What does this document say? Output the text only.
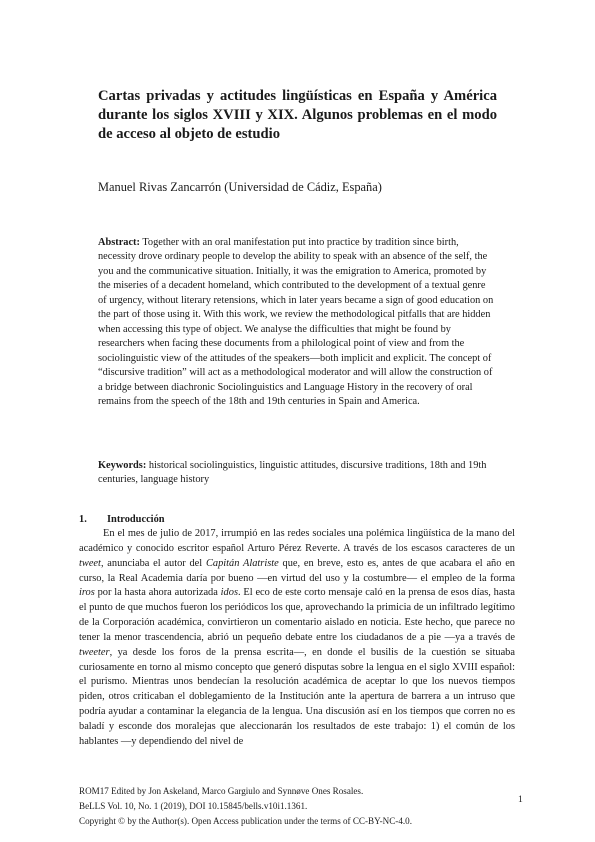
Cartas privadas y actitudes lingüísticas en España y América durante los siglos XVIII y XIX. Algunos problemas en el modo de acceso al objeto de estudio

Manuel Rivas Zancarrón (Universidad de Cádiz, España)

Abstract: Together with an oral manifestation put into practice by tradition since birth, necessity drove ordinary people to develop the ability to speak with an absence of the self, the you and the communicative situation. Initially, it was the emigration to America, promoted by the miseries of a decadent homeland, which contributed to the development of a textual genre of urgency, without literary retensions, which in later years became a sign of good education on the part of those using it. With this work, we review the methodological pitfalls that are hidden when accessing this type of object. We analyse the difficulties that might be found by researchers when facing these documents from a philological point of view and from the sociolinguistic view of the attitudes of the speakers—both implicit and explicit. The concept of “discursive tradition” will act as a methodological moderator and will allow the construction of a bridge between diachronic Sociolinguistics and Language History in the recovery of oral remains from the speech of the 18th and 19th centuries in Spain and America.

Keywords: historical sociolinguistics, linguistic attitudes, discursive traditions, 18th and 19th centuries, language history

1. Introducción

En el mes de julio de 2017, irrumpió en las redes sociales una polémica lingüística de la mano del académico y conocido escritor español Arturo Pérez Reverte. A través de los escasos caracteres de un tweet, anunciaba el autor del Capitán Alatriste que, en breve, esto es, antes de que acabara el año en curso, la Real Academia daría por bueno —en virtud del uso y la costumbre— el empleo de la forma iros por la hasta ahora autorizada idos. El eco de este corto mensaje caló en la prensa de esos días, hasta el punto de que muchos fueron los periódicos los que, aprovechando la primicia de un infiltrado legítimo de la Corporación académica, convirtieron un comentario aislado en noticia. Este hecho, que parece no tener la menor trascendencia, abrió un pequeño debate entre los ciudadanos de a pie —ya a través de tweeter, ya desde los foros de la prensa escrita—, en donde el busilis de la cuestión se situaba curiosamente en torno al mismo concepto que generó disputas sobre la lengua en el siglo XVIII español: el purismo. Mientras unos bendecían la resolución académica de aceptar lo que los nuevos tiempos piden, otros criticaban el doblegamiento de la Institución ante la apertura de barrera a un intruso que podría ayudar a contaminar la elegancia de la lengua. Una discusión así en los tiempos que corren no es baladí y esconde dos moralejas que aleccionarán los resultados de este trabajo: 1) el común de los hablantes —y dependiendo del nivel de

ROM17 Edited by Jon Askeland, Marco Gargiulo and Synnøve Ones Rosales.
BeLLS Vol. 10, No. 1 (2019), DOI 10.15845/bells.v10i1.1361.
Copyright © by the Author(s). Open Access publication under the terms of CC-BY-NC-4.0.

1
